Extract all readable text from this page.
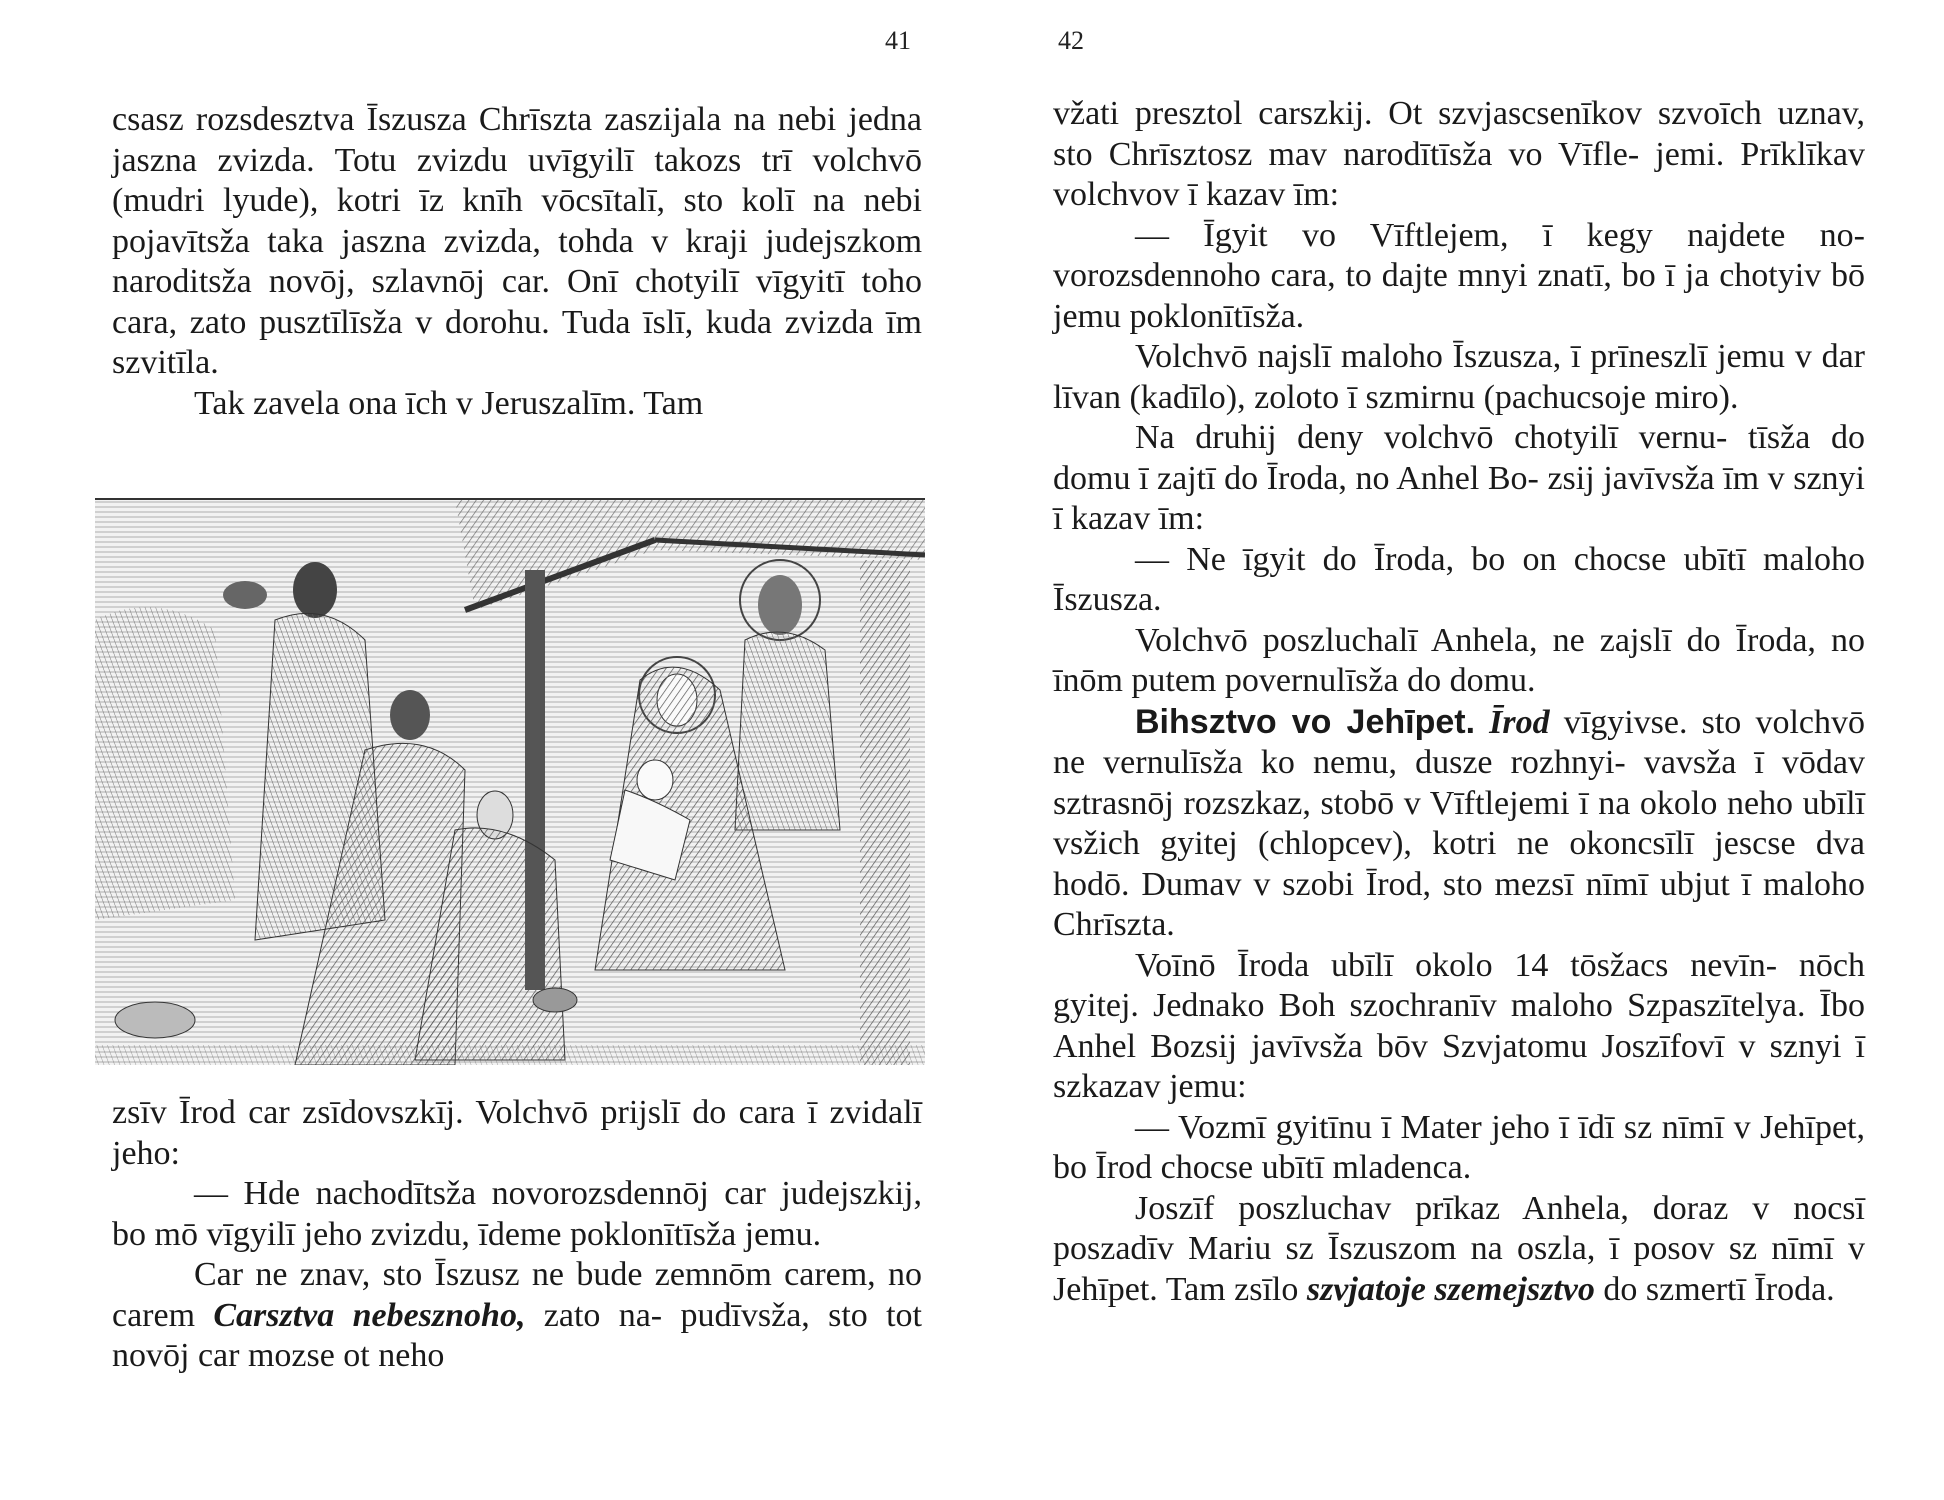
41	42

csasz rozsdesztva Īszusza Chrīszta zaszijala na nebi jedna jaszna zvizda. Totu zvizdu uvīgyilī takozs trī volchvō (mudri lyude), kotri īz knīh vōcsītalī, sto kolī na nebi pojavītsža taka jaszna zvizda, tohda v kraji judejszkom naroditsža novōj, szlavnōj car. Onī chotyilī vīgyitī toho cara, zato pusztīlīsža v dorohu. Tuda īslī, kuda zvizda īm szvitīla.

Tak zavela ona īch v Jeruszalīm. Tam

zsīv Īrod car zsīdovszkīj. Volchvō prijslī do cara ī zvidalī jeho:

— Hde nachodītsža novorozsdennōj car judejszkij, bo mō vīgyilī jeho zvizdu, īdeme poklonītīsža jemu.

Car ne znav, sto Īszusz ne bude zemnōm carem, no carem Carsztva nebesznoho, zato na- pudīvsža, sto tot novōj car mozse ot neho

vžati presztol carszkij. Ot szvjascsenīkov szvoīch uznav, sto Chrīsztosz mav narodītīsža vo Vīfle- jemi. Prīklīkav volchvov ī kazav īm:

— Īgyit vo Vīftlejem, ī kegy najdete no- vorozsdennoho cara, to dajte mnyi znatī, bo ī ja chotyiv bō jemu poklonītīsža.

Volchvō najslī maloho Īszusza, ī prīneszlī jemu v dar līvan (kadīlo), zoloto ī szmirnu (pachucsoje miro).

Na druhij deny volchvō chotyilī vernu- tīsža do domu ī zajtī do Īroda, no Anhel Bo- zsij javīvsža īm v sznyi ī kazav īm:

— Ne īgyit do Īroda, bo on chocse ubītī maloho Īszusza.

Volchvō poszluchalī Anhela, ne zajslī do Īroda, no īnōm putem povernulīsža do domu.

Bihsztvo vo Jehīpet. Īrod vīgyivse. sto volchvō ne vernulīsža ko nemu, dusze rozhnyi- vavsža ī vōdav sztrasnōj rozszkaz, stobō v Vīftlejemi ī na okolo neho ubīlī vsžich gyitej (chlopcev), kotri ne okoncsīlī jescse dva hodō. Dumav v szobi Īrod, sto mezsī nīmī ubjut ī maloho Chrīszta.

Voīnō Īroda ubīlī okolo 14 tōsžacs nevīn- nōch gyitej. Jednako Boh szochranīv maloho Szpaszītelya. Ībo Anhel Bozsij javīvsža bōv Szvjatomu Joszīfovī v sznyi ī szkazav jemu:

— Vozmī gyitīnu ī Mater jeho ī īdī sz nīmī v Jehīpet, bo Īrod chocse ubītī mladenca.

Joszīf poszluchav prīkaz Anhela, doraz v nocsī poszadīv Mariu sz Īszuszom na oszla, ī posov sz nīmī v Jehīpet. Tam zsīlo szvjatoje szemejsztvo do szmertī Īroda.
